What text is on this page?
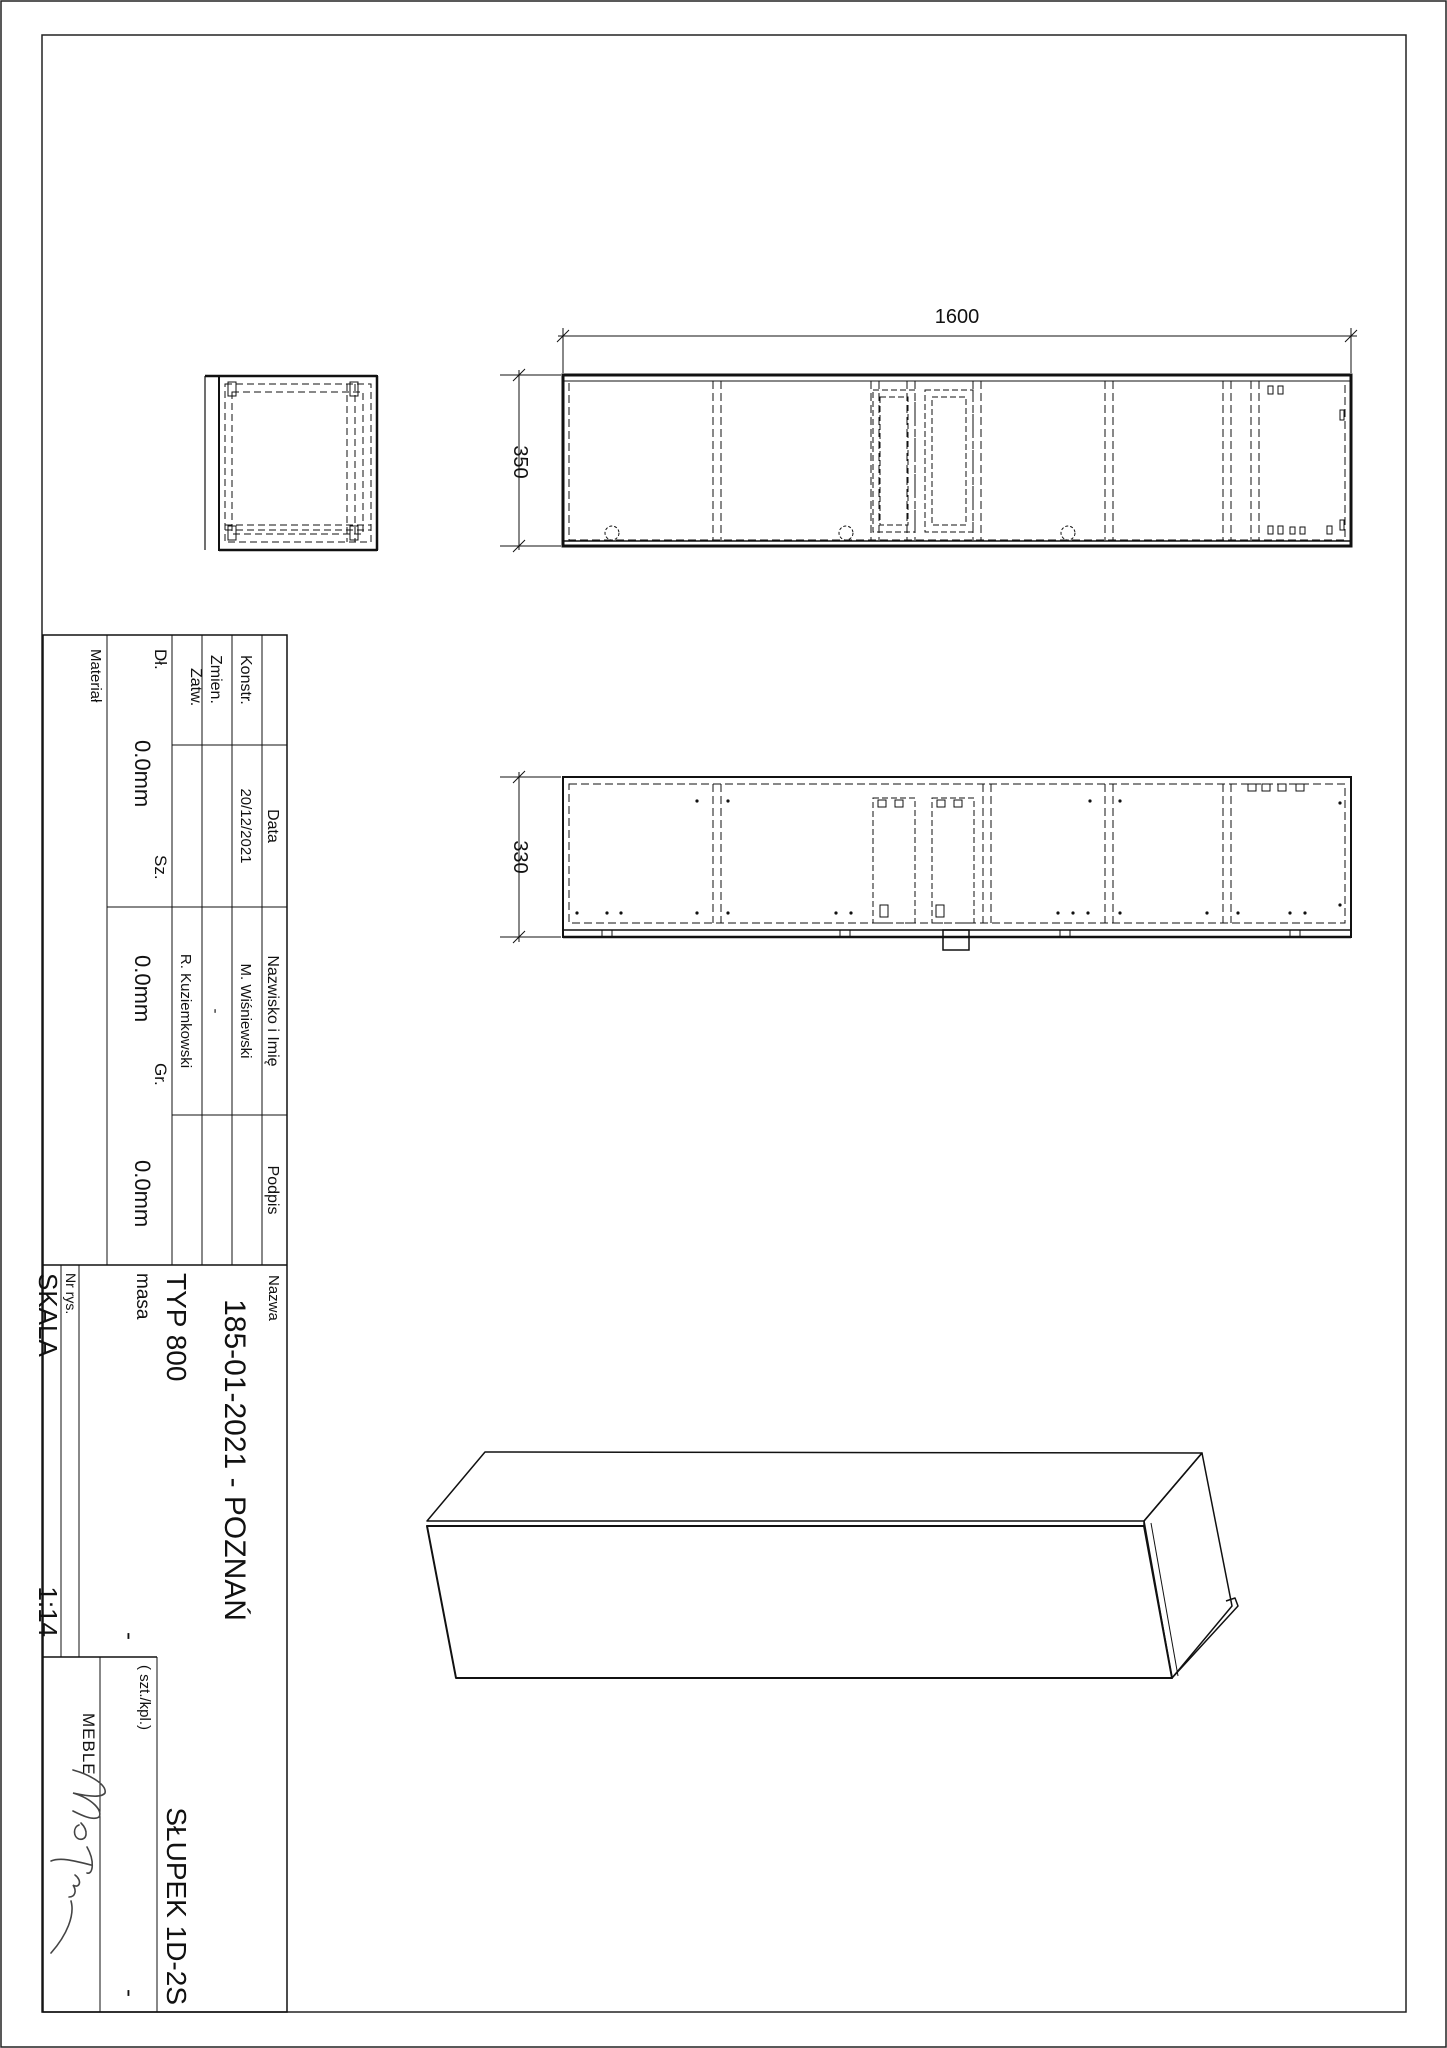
1600
350
330
Data
Nazwisko i Imię
Podpis
Konstr.
Zmien.
Zatw.
20/12/2021
M. Wiśniewski
-
R. Kuziemkowski
Dł.
0.0mm
Sz.
0.0mm
Gr.
0.0mm
Materiał
Nazwa
185-01-2021 - POZNAŃ
TYP 800
SŁUPEK 1D-2S
masa
-
( szt./kpl.)
-
Nr rys.
SKALA
1:14
MEBLE
